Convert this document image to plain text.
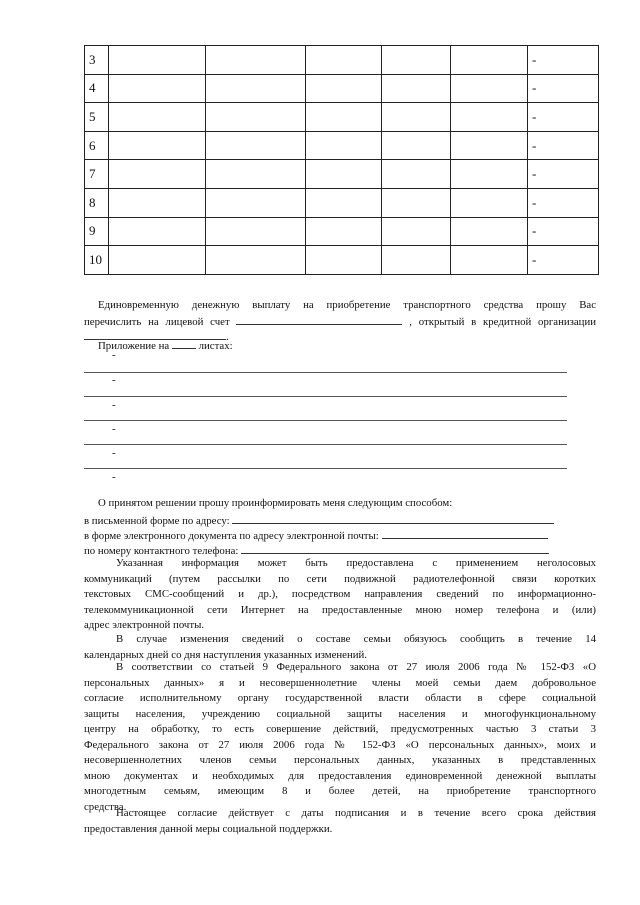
3						-
4						-
5						-
6						-
7						-
8						-
9						-
10						-
Единовременную денежную выплату на приобретение транспортного средства прошу Вас
перечислить на лицевой счет	, открытый в кредитной организации
.
Приложение на	листах:
-
-
-
-
-
-
О принятом решении прошу проинформировать меня следующим способом:
в письменной форме по адресу:
в форме электронного документа по адресу электронной почты:
по номеру контактного телефона:
Указанная информация может быть предоставлена с применением неголосовых
коммуникаций (путем рассылки по сети подвижной радиотелефонной связи коротких
текстовых СМС-сообщений и др.), посредством направления сведений по информационно-
телекоммуникационной сети Интернет на предоставленные мною номер телефона и (или)
адрес электронной почты.
В случае изменения сведений о составе семьи обязуюсь сообщить в течение 14
календарных дней со дня наступления указанных изменений.
В соответствии со статьей 9 Федерального закона от 27 июля 2006 года № 152-ФЗ «О
персональных данных» я и несовершеннолетние члены моей семьи даем добровольное
согласие исполнительному органу государственной власти области в сфере социальной
защиты населения, учреждению социальной защиты населения и многофункциональному
центру на обработку, то есть совершение действий, предусмотренных частью 3 статьи 3
Федерального закона от 27 июля 2006 года № 152-ФЗ «О персональных данных», моих и
несовершеннолетних членов семьи персональных данных, указанных в представленных
мною документах и необходимых для предоставления единовременной денежной выплаты
многодетным семьям, имеющим 8 и более детей, на приобретение транспортного
средства.
Настоящее согласие действует с даты подписания и в течение всего срока действия
предоставления данной меры социальной поддержки.
